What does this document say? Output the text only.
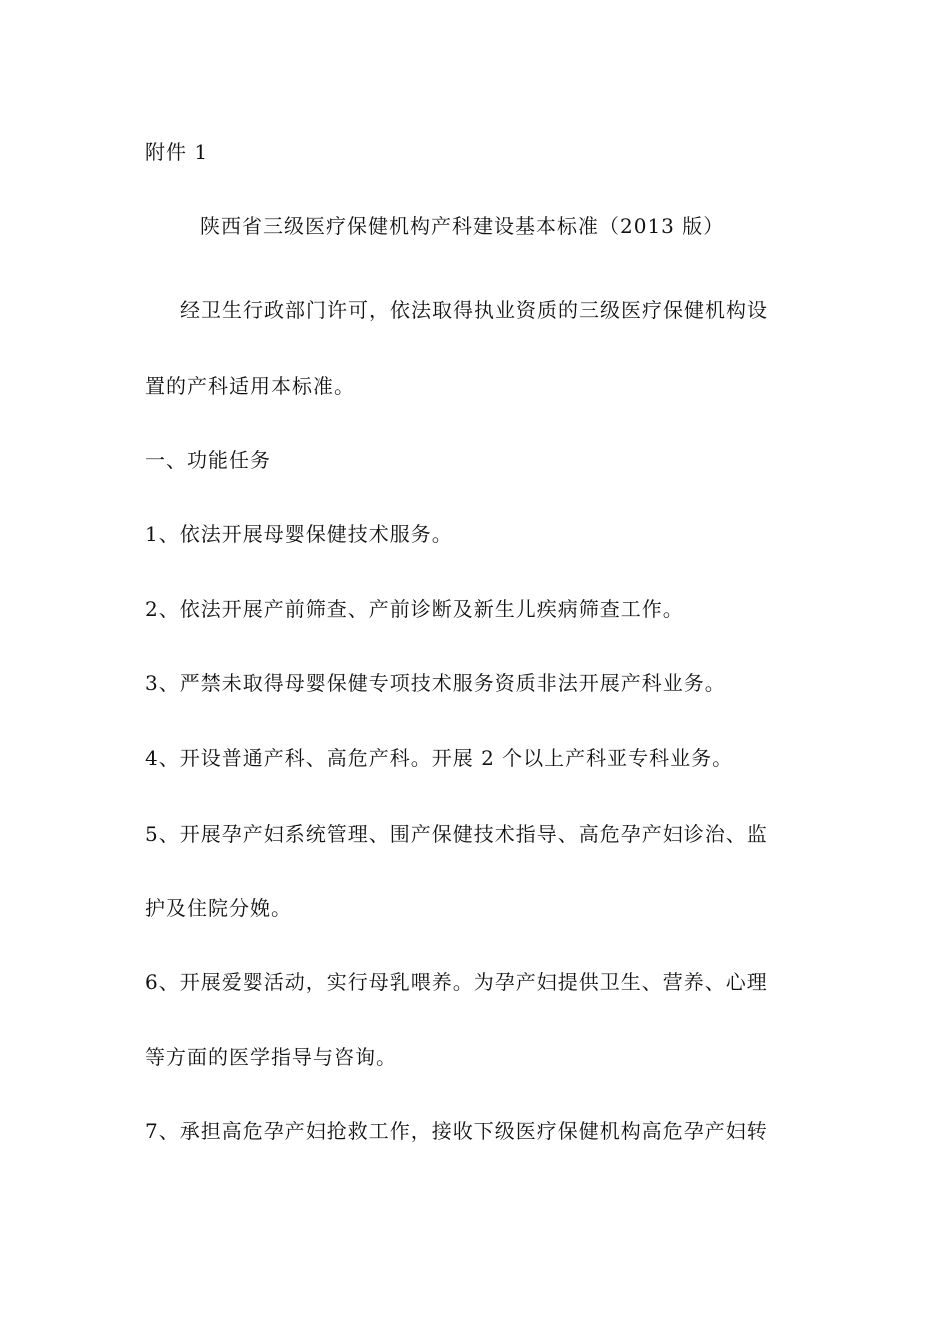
附件 1
陕西省三级医疗保健机构产科建设基本标准（2013 版）
经卫生行政部门许可，依法取得执业资质的三级医疗保健机构设
置的产科适用本标准。
一、功能任务
1、依法开展母婴保健技术服务。
2、依法开展产前筛查、产前诊断及新生儿疾病筛查工作。
3、严禁未取得母婴保健专项技术服务资质非法开展产科业务。
4、开设普通产科、高危产科。开展 2 个以上产科亚专科业务。
5、开展孕产妇系统管理、围产保健技术指导、高危孕产妇诊治、监
护及住院分娩。
6、开展爱婴活动，实行母乳喂养。为孕产妇提供卫生、营养、心理
等方面的医学指导与咨询。
7、承担高危孕产妇抢救工作，接收下级医疗保健机构高危孕产妇转
